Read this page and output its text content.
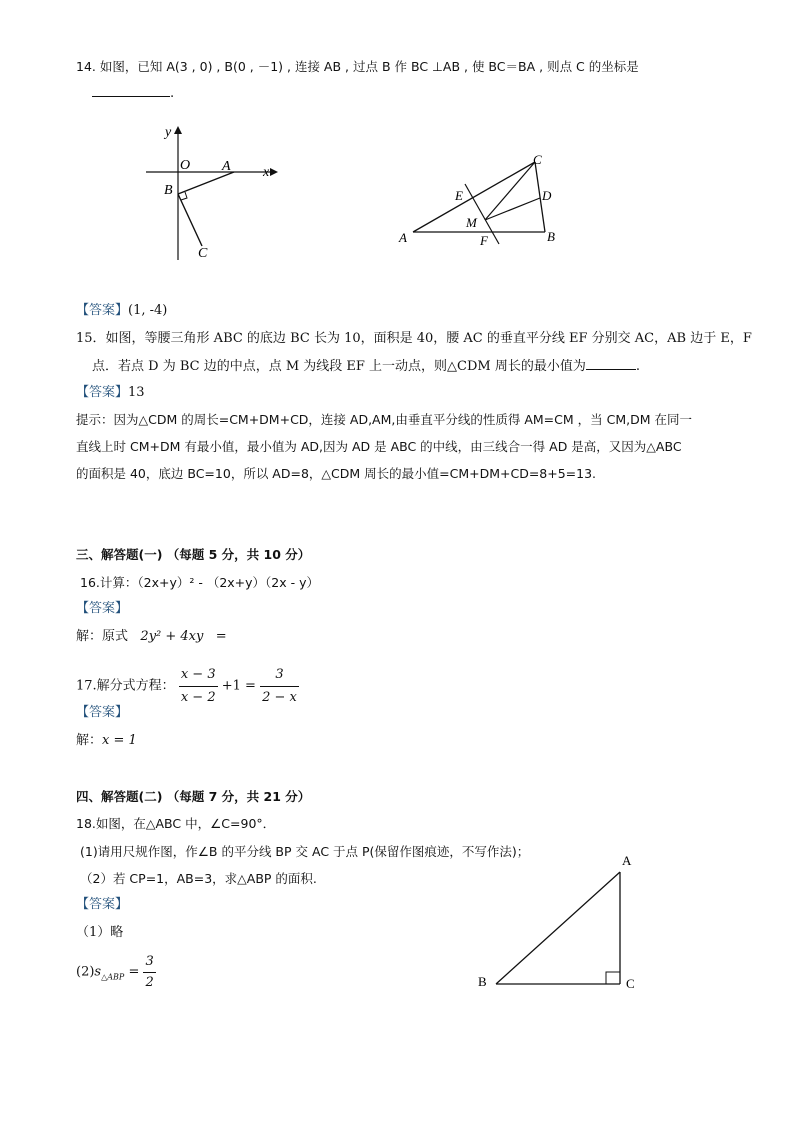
14. 如图，已知 A(3 , 0) , B(0 , －1) , 连接 AB , 过点 B 作 BC ⊥AB , 使 BC＝BA , 则点 C 的坐标是
.
y
x
O A
B
C
C
E	D
M
A	F	B
【答案】(1, -4)
15．如图，等腰三角形 ABC 的底边 BC 长为 10，面积是 40，腰 AC 的垂直平分线 EF 分别交 AC，AB 边于 E，F
点．若点 D 为 BC 边的中点，点 M 为线段 EF 上一动点，则△CDM 周长的最小值为	.
【答案】13
提示：因为△CDM 的周长=CM+DM+CD，连接 AD,AM,由垂直平分线的性质得 AM=CM ，当 CM,DM 在同一
直线上时 CM+DM 有最小值，最小值为 AD,因为 AD 是 ABC 的中线，由三线合一得 AD 是高，又因为△ABC
的面积是 40，底边 BC=10，所以 AD=8，△CDM 周长的最小值=CM+DM+CD=8+5=13.
三、解答题(一) （每题 5 分，共 10 分）
16.计算：（2x+y）² - （2x+y）（2x - y）
【答案】
解：原式 2y² + 4xy =
17.解分式方程： $\frac{x - 3}{x - 2} +1 = \frac{3}{2 - x}$
【答案】
解：x = 1
四、解答题(二) （每题 7 分，共 21 分）
18.如图，在△ABC 中，∠C=90°．
(1)请用尺规作图，作∠B 的平分线 BP 交 AC 于点 P(保留作图痕迹，不写作法)；
（2）若 CP=1，AB=3，求△ABP 的面积.
【答案】
（1）略
$(2)s_{\triangle ABP} = \frac{3}{2}$
A
B	C
